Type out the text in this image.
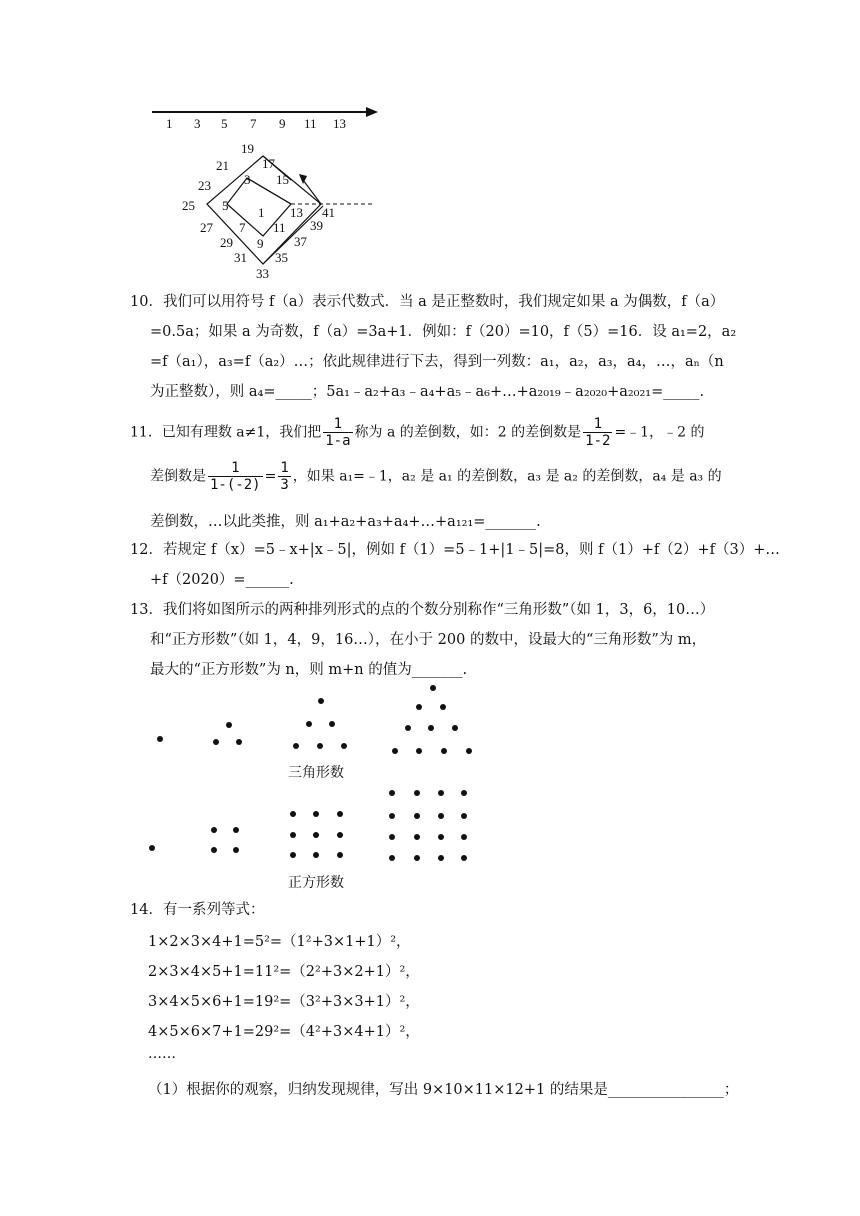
1 3 5 7 9 11 13
19
17
21
15
23	3
25 5 1 13 41
27 7 11 39
29 9 37
31 35
33
10．我们可以用符号 f（a）表示代数式．当 a 是正整数时，我们规定如果 a 为偶数，f（a）
=0.5a；如果 a 为奇数，f（a）=3a+1．例如：f（20）=10，f（5）=16．设 a₁=2，a₂
=f（a₁），a₃=f（a₂）…；依此规律进行下去，得到一列数：a₁，a₂，a₃，a₄，…，aₙ（n
为正整数），则 a₄=_____；5a₁﹣a₂+a₃﹣a₄+a₅﹣a₆+…+a₂₀₁₉﹣a₂₀₂₀+a₂₀₂₁=_____.
11．已知有理数 a≠1，我们把 $\frac{1}{1-a}$ 称为 a 的差倒数，如：2 的差倒数是 $\frac{1}{1-2}$ =﹣1，﹣2 的
差倒数是 $\frac{1}{1-(-2)} = \frac{1}{3}$ ，如果 a₁=﹣1，a₂ 是 a₁ 的差倒数，a₃ 是 a₂ 的差倒数，a₄ 是 a₃ 的
差倒数，…以此类推，则 a₁+a₂+a₃+a₄+…+a₁₂₁=_______.
12．若规定 f（x）=5﹣x+|x﹣5|，例如 f（1）=5﹣1+|1﹣5|=8，则 f（1）+f（2）+f（3）+…
+f（2020）=______.
13．我们将如图所示的两种排列形式的点的个数分别称作“三角形数”（如 1，3，6，10…）
和“正方形数”（如 1，4，9，16…），在小于 200 的数中，设最大的“三角形数”为 m，
最大的“正方形数”为 n，则 m+n 的值为_______.
三角形数
正方形数
14．有一系列等式：
1×2×3×4+1=5²=（1²+3×1+1）²，
2×3×4×5+1=11²=（2²+3×2+1）²，
3×4×5×6+1=19²=（3²+3×3+1）²，
4×5×6×7+1=29²=（4²+3×4+1）²，
……
（1）根据你的观察，归纳发现规律，写出 9×10×11×12+1 的结果是________________；
